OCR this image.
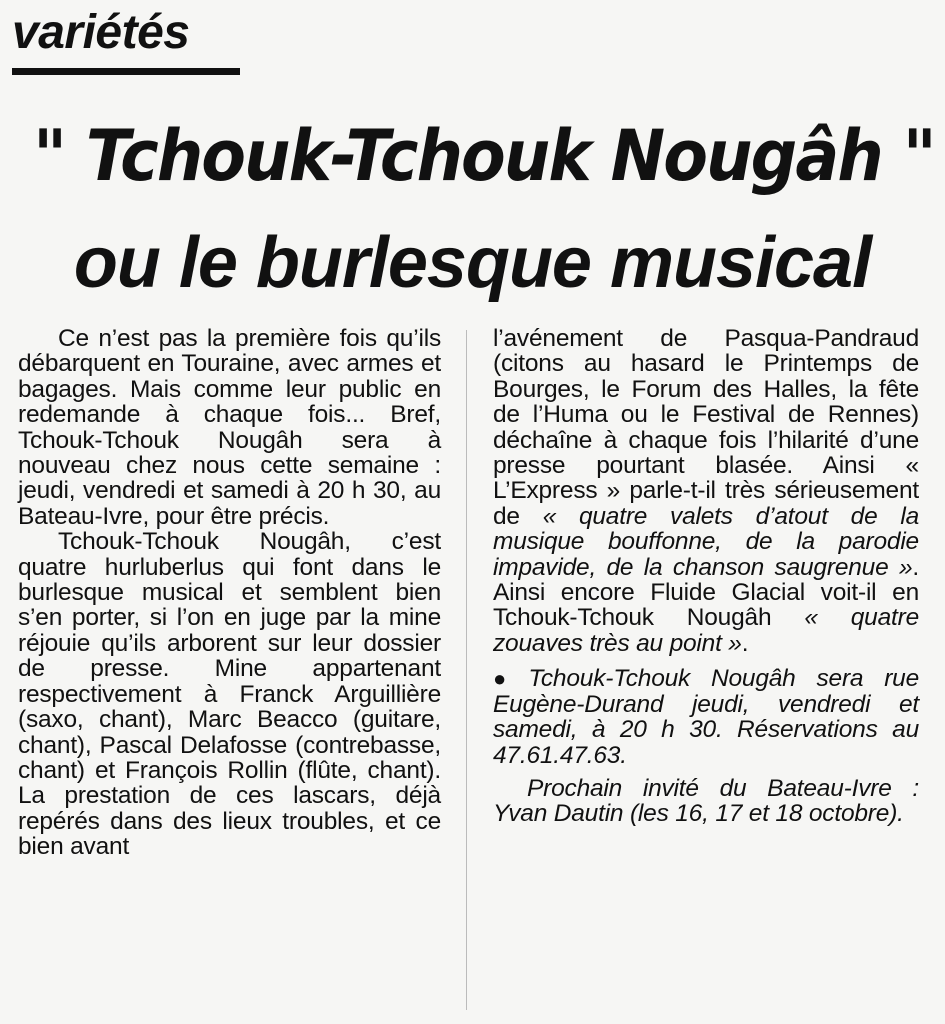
variétés
" Tchouk-Tchouk Nougâh "
ou le burlesque musical

Ce n’est pas la première fois qu’ils débarquent en Touraine, avec armes et bagages. Mais comme leur public en redemande à chaque fois... Bref, Tchouk-Tchouk Nougâh sera à nouveau chez nous cette semaine : jeudi, vendredi et samedi à 20 h 30, au Bateau-Ivre, pour être précis.

Tchouk-Tchouk Nougâh, c’est quatre hurluberlus qui font dans le burlesque musical et semblent bien s’en porter, si l’on en juge par la mine réjouie qu’ils arborent sur leur dossier de presse. Mine appartenant respectivement à Franck Arguillière (saxo, chant), Marc Beacco (guitare, chant), Pascal Delafosse (contrebasse, chant) et François Rollin (flûte, chant). La prestation de ces lascars, déjà repérés dans des lieux troubles, et ce bien avant

l’avénement de Pasqua-Pandraud (citons au hasard le Printemps de Bourges, le Forum des Halles, la fête de l’Huma ou le Festival de Rennes) déchaîne à chaque fois l’hilarité d’une presse pourtant blasée. Ainsi « L’Express » parle-t-il très sérieusement de « quatre valets d’atout de la musique bouffonne, de la parodie impavide, de la chanson saugrenue ». Ainsi encore Fluide Glacial voit-il en Tchouk-Tchouk Nougâh « quatre zouaves très au point ».

● Tchouk-Tchouk Nougâh sera rue Eugène-Durand jeudi, vendredi et samedi, à 20 h 30. Réservations au 47.61.47.63.

Prochain invité du Bateau-Ivre : Yvan Dautin (les 16, 17 et 18 octobre).
